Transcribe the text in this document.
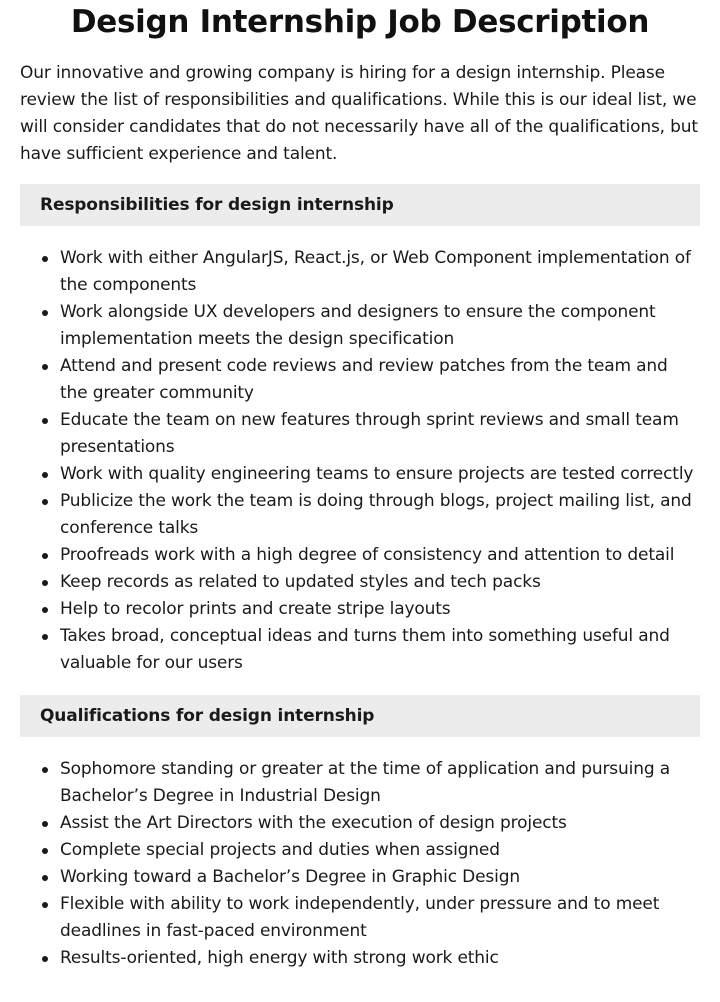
Design Internship Job Description

Our innovative and growing company is hiring for a design internship. Please review the list of responsibilities and qualifications. While this is our ideal list, we will consider candidates that do not necessarily have all of the qualifications, but have sufficient experience and talent.

Responsibilities for design internship
Work with either AngularJS, React.js, or Web Component implementation of the components
Work alongside UX developers and designers to ensure the component implementation meets the design specification
Attend and present code reviews and review patches from the team and the greater community
Educate the team on new features through sprint reviews and small team presentations
Work with quality engineering teams to ensure projects are tested correctly
Publicize the work the team is doing through blogs, project mailing list, and conference talks
Proofreads work with a high degree of consistency and attention to detail
Keep records as related to updated styles and tech packs
Help to recolor prints and create stripe layouts
Takes broad, conceptual ideas and turns them into something useful and valuable for our users
Qualifications for design internship
Sophomore standing or greater at the time of application and pursuing a Bachelor’s Degree in Industrial Design
Assist the Art Directors with the execution of design projects
Complete special projects and duties when assigned
Working toward a Bachelor’s Degree in Graphic Design
Flexible with ability to work independently, under pressure and to meet deadlines in fast-paced environment
Results-oriented, high energy with strong work ethic
